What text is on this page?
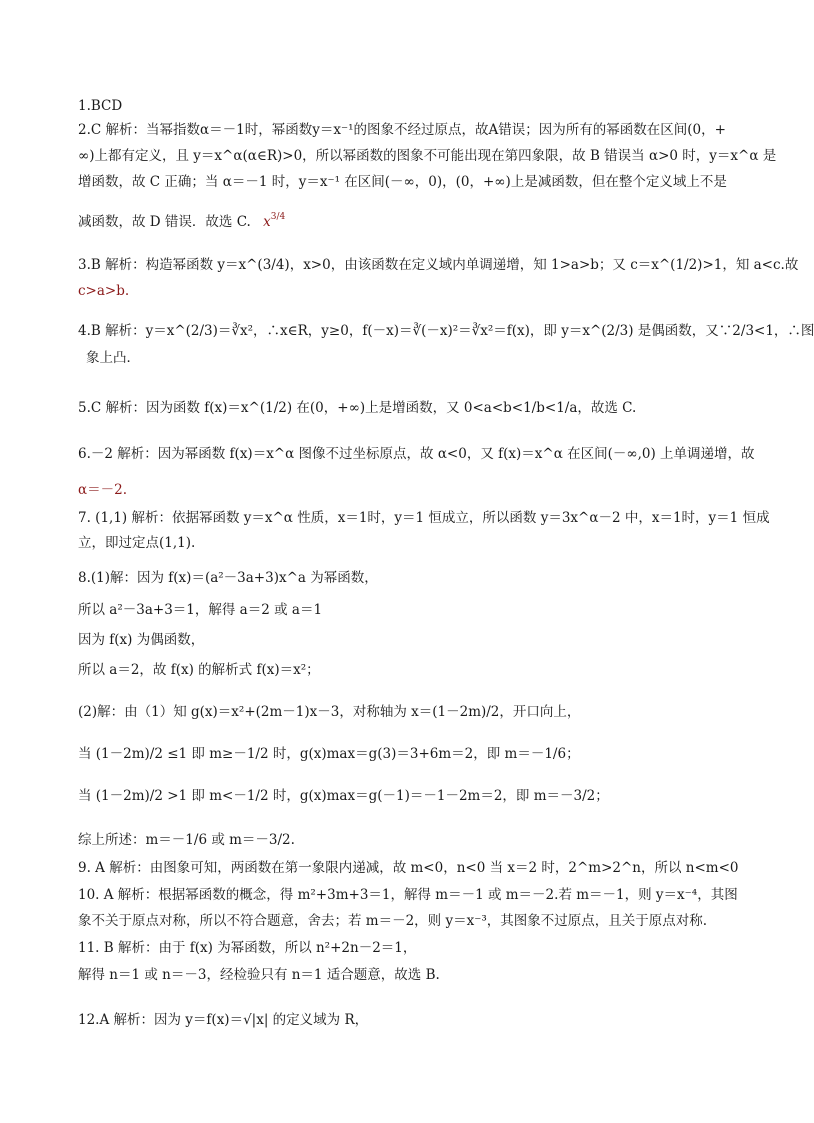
1.BCD
2.C 解析：当幂指数α＝－1时，幂函数y＝x⁻¹的图象不经过原点，故A错误；因为所有的幂函数在区间(0，+
∞)上都有定义，且 y＝x^α(α∈R)>0，所以幂函数的图象不可能出现在第四象限，故 B 错误当 α>0 时，y＝x^α 是
增函数，故 C 正确；当 α＝－1 时，y＝x⁻¹ 在区间(－∞，0)，(0，+∞)上是减函数，但在整个定义域上不是
减函数，故 D 错误．故选 C. $x^{3/4}$
3.B 解析：构造幂函数 y＝x^(3/4)，x>0，由该函数在定义域内单调递增，知 1>a>b；又 c＝x^(1/2)>1，知 a<c.故
c>a>b.
4.B 解析：y＝x^(2/3)＝∛x²，∴x∈R，y≥0，f(－x)＝∛(－x)²＝∛x²＝f(x)，即 y＝x^(2/3) 是偶函数，又∵2/3<1，∴图
象上凸．
5.C 解析：因为函数 f(x)＝x^(1/2) 在(0，+∞)上是增函数，又 0<a<b<1/b<1/a，故选 C.
6.－2 解析：因为幂函数 f(x)＝x^α 图像不过坐标原点，故 α<0，又 f(x)＝x^α 在区间(－∞,0) 上单调递增，故
α＝－2.
7. (1,1) 解析：依据幂函数 y＝x^α 性质，x＝1时，y＝1 恒成立，所以函数 y＝3x^α－2 中，x＝1时，y＝1 恒成
立，即过定点(1,1).
8.(1)解：因为 f(x)＝(a²－3a+3)x^a 为幂函数，
所以 a²－3a+3＝1，解得 a＝2 或 a＝1
因为 f(x) 为偶函数，
所以 a＝2，故 f(x) 的解析式 f(x)＝x²；
(2)解：由（1）知 g(x)＝x²+(2m－1)x－3，对称轴为 x＝(1－2m)/2，开口向上，
当 (1－2m)/2 ≤1 即 m≥－1/2 时，g(x)max＝g(3)＝3+6m＝2，即 m＝－1/6；
当 (1－2m)/2 >1 即 m<－1/2 时，g(x)max＝g(－1)＝－1－2m＝2，即 m＝－3/2；
综上所述：m＝－1/6 或 m＝－3/2.
9. A 解析：由图象可知，两函数在第一象限内递减，故 m<0，n<0 当 x＝2 时，2^m>2^n，所以 n<m<0
10. A 解析：根据幂函数的概念，得 m²+3m+3＝1，解得 m＝－1 或 m＝－2.若 m＝－1，则 y＝x⁻⁴，其图
象不关于原点对称，所以不符合题意，舍去；若 m＝－2，则 y＝x⁻³，其图象不过原点，且关于原点对称.
11. B 解析：由于 f(x) 为幂函数，所以 n²+2n－2＝1，
解得 n＝1 或 n＝－3，经检验只有 n＝1 适合题意，故选 B.
12.A 解析：因为 y＝f(x)＝√|x| 的定义域为 R，
